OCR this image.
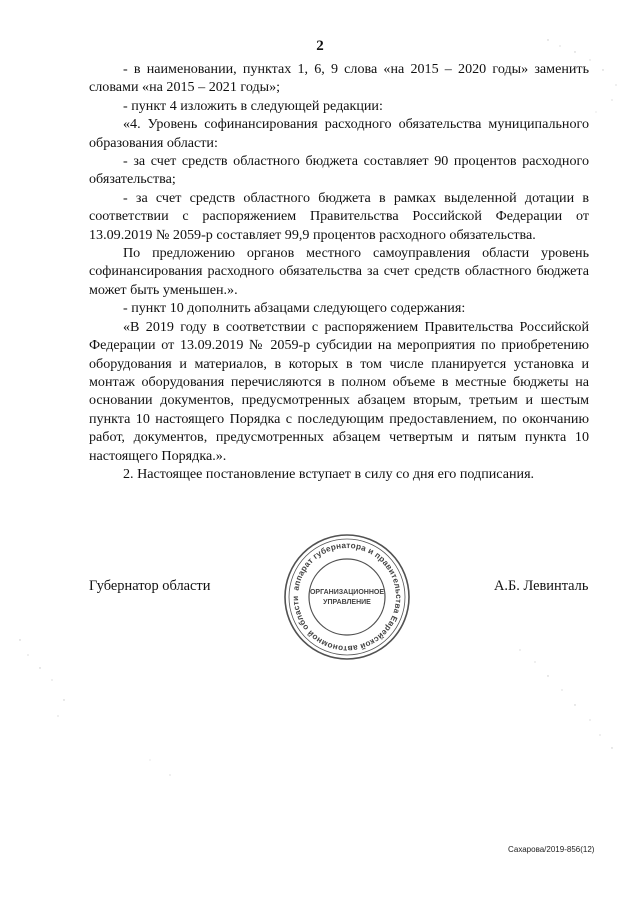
2

- в наименовании, пунктах 1, 6, 9 слова «на 2015 – 2020 годы» заменить словами «на 2015 – 2021 годы»;

- пункт 4 изложить в следующей редакции:

«4. Уровень софинансирования расходного обязательства муниципального образования области:

- за счет средств областного бюджета составляет 90 процентов расходного обязательства;

- за счет средств областного бюджета в рамках выделенной дотации в соответствии с распоряжением Правительства Российской Федерации от 13.09.2019 № 2059-р составляет 99,9 процентов расходного обязательства.

По предложению органов местного самоуправления области уровень софинансирования расходного обязательства за счет средств областного бюджета может быть уменьшен.».

- пункт 10 дополнить абзацами следующего содержания:

«В 2019 году в соответствии с распоряжением Правительства Российской Федерации от 13.09.2019 № 2059-р субсидии на мероприятия по приобретению оборудования и материалов, в которых в том числе планируется установка и монтаж оборудования перечисляются в полном объеме в местные бюджеты на основании документов, предусмотренных абзацем вторым, третьим и шестым пункта 10 настоящего Порядка с последующим предоставлением, по окончанию работ, документов, предусмотренных абзацем четвертым и пятым пункта 10 настоящего Порядка.».

2. Настоящее постановление вступает в силу со дня его подписания.

Губернатор области	А.Б. Левинталь
аппарат губернатора и правительства Еврейской автономной области
ОРГАНИЗАЦИОННОЕ
УПРАВЛЕНИЕ
Сахарова/2019-856(12)
